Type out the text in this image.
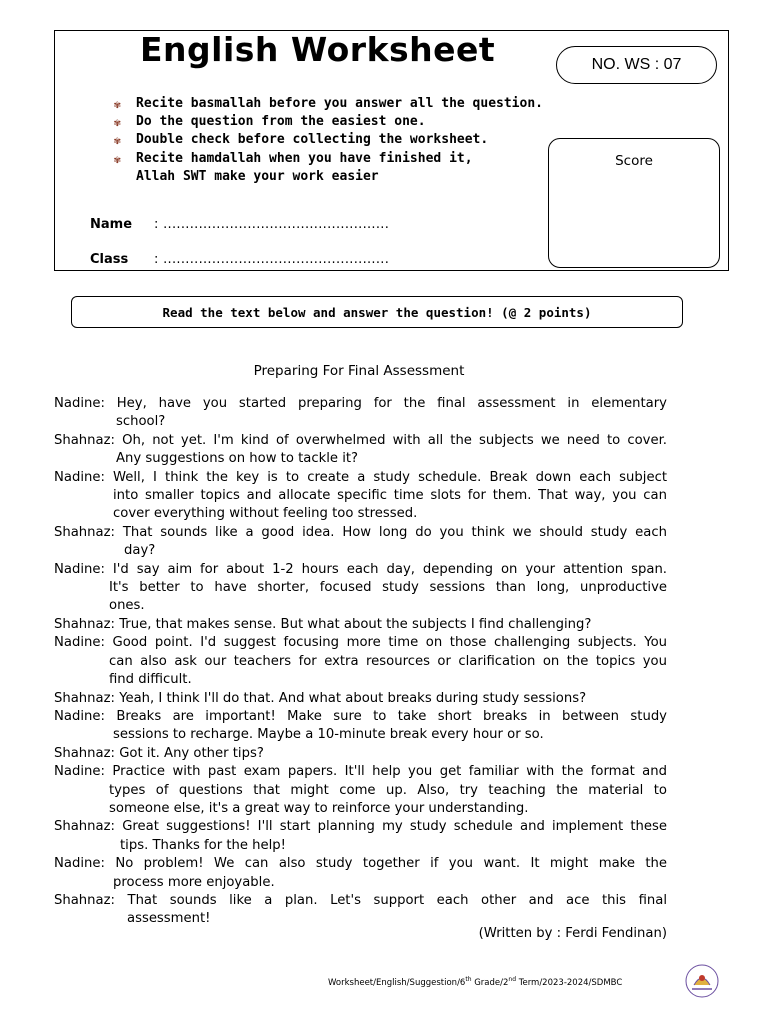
English Worksheet	NO. WS : 07
Score
✾	Recite basmallah before you answer all the question.
✾	Do the question from the easiest one.
✾	Double check before collecting the worksheet.
✾	Recite hamdallah when you have finished it,
Allah SWT make your work easier
Name : ...................................................
Class : ...................................................
Read the text below and answer the question! (@ 2 points)
Preparing For Final Assessment
Nadine: Hey, have you started preparing for the final assessment in elementary
school?
Shahnaz: Oh, not yet. I'm kind of overwhelmed with all the subjects we need to cover.
Any suggestions on how to tackle it?
Nadine: Well, I think the key is to create a study schedule. Break down each subject
into smaller topics and allocate specific time slots for them. That way, you can
cover everything without feeling too stressed.
Shahnaz: That sounds like a good idea. How long do you think we should study each
day?
Nadine: I'd say aim for about 1-2 hours each day, depending on your attention span.
It's better to have shorter, focused study sessions than long, unproductive
ones.
Shahnaz: True, that makes sense. But what about the subjects I find challenging?
Nadine: Good point. I'd suggest focusing more time on those challenging subjects. You
can also ask our teachers for extra resources or clarification on the topics you
find difficult.
Shahnaz: Yeah, I think I'll do that. And what about breaks during study sessions?
Nadine: Breaks are important! Make sure to take short breaks in between study
sessions to recharge. Maybe a 10-minute break every hour or so.
Shahnaz: Got it. Any other tips?
Nadine: Practice with past exam papers. It'll help you get familiar with the format and
types of questions that might come up. Also, try teaching the material to
someone else, it's a great way to reinforce your understanding.
Shahnaz: Great suggestions! I'll start planning my study schedule and implement these
tips. Thanks for the help!
Nadine: No problem! We can also study together if you want. It might make the
process more enjoyable.
Shahnaz: That sounds like a plan. Let's support each other and ace this final
assessment!
(Written by : Ferdi Fendinan)
Worksheet/English/Suggestion/6th Grade/2nd Term/2023-2024/SDMBC
